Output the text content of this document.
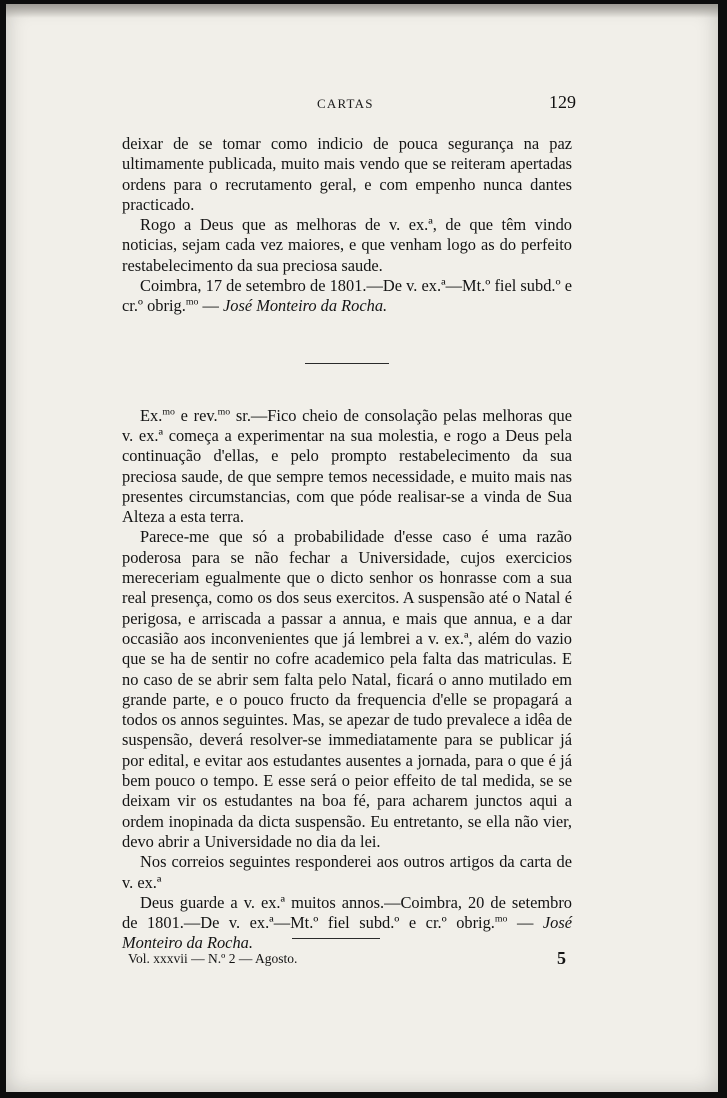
CARTAS	129

deixar de se tomar como indicio de pouca segurança na paz ultimamente publicada, muito mais vendo que se reiteram apertadas ordens para o recrutamento geral, e com empenho nunca dantes practicado.

Rogo a Deus que as melhoras de v. ex.ª, de que têm vindo noticias, sejam cada vez maiores, e que venham logo as do perfeito restabelecimento da sua preciosa saude.

Coimbra, 17 de setembro de 1801.—De v. ex.ª—Mt.º fiel subd.º e cr.º obrig.$^{mo}$ — José Monteiro da Rocha.

Ex.$^{mo}$ e rev.$^{mo}$ sr.—Fico cheio de consolação pelas melhoras que v. ex.ª começa a experimentar na sua molestia, e rogo a Deus pela continuação d'ellas, e pelo prompto restabelecimento da sua preciosa saude, de que sempre temos necessidade, e muito mais nas presentes circumstancias, com que póde realisar-se a vinda de Sua Alteza a esta terra.

Parece-me que só a probabilidade d'esse caso é uma razão poderosa para se não fechar a Universidade, cujos exercicios mereceriam egualmente que o dicto senhor os honrasse com a sua real presença, como os dos seus exercitos. A suspensão até o Natal é perigosa, e arriscada a passar a annua, e mais que annua, e a dar occasião aos inconvenientes que já lembrei a v. ex.ª, além do vazio que se ha de sentir no cofre academico pela falta das matriculas. E no caso de se abrir sem falta pelo Natal, ficará o anno mutilado em grande parte, e o pouco fructo da frequencia d'elle se propagará a todos os annos seguintes. Mas, se apezar de tudo prevalece a idêa de suspensão, deverá resolver-se immediatamente para se publicar já por edital, e evitar aos estudantes ausentes a jornada, para o que é já bem pouco o tempo. E esse será o peior effeito de tal medida, se se deixam vir os estudantes na boa fé, para acharem junctos aqui a ordem inopinada da dicta suspensão. Eu entretanto, se ella não vier, devo abrir a Universidade no dia da lei.

Nos correios seguintes responderei aos outros artigos da carta de v. ex.ª

Deus guarde a v. ex.ª muitos annos.—Coimbra, 20 de setembro de 1801.—De v. ex.ª—Mt.º fiel subd.º e cr.º obrig.$^{mo}$ — José Monteiro da Rocha.

Vol. xxxvii — N.º 2 — Agosto.	5
